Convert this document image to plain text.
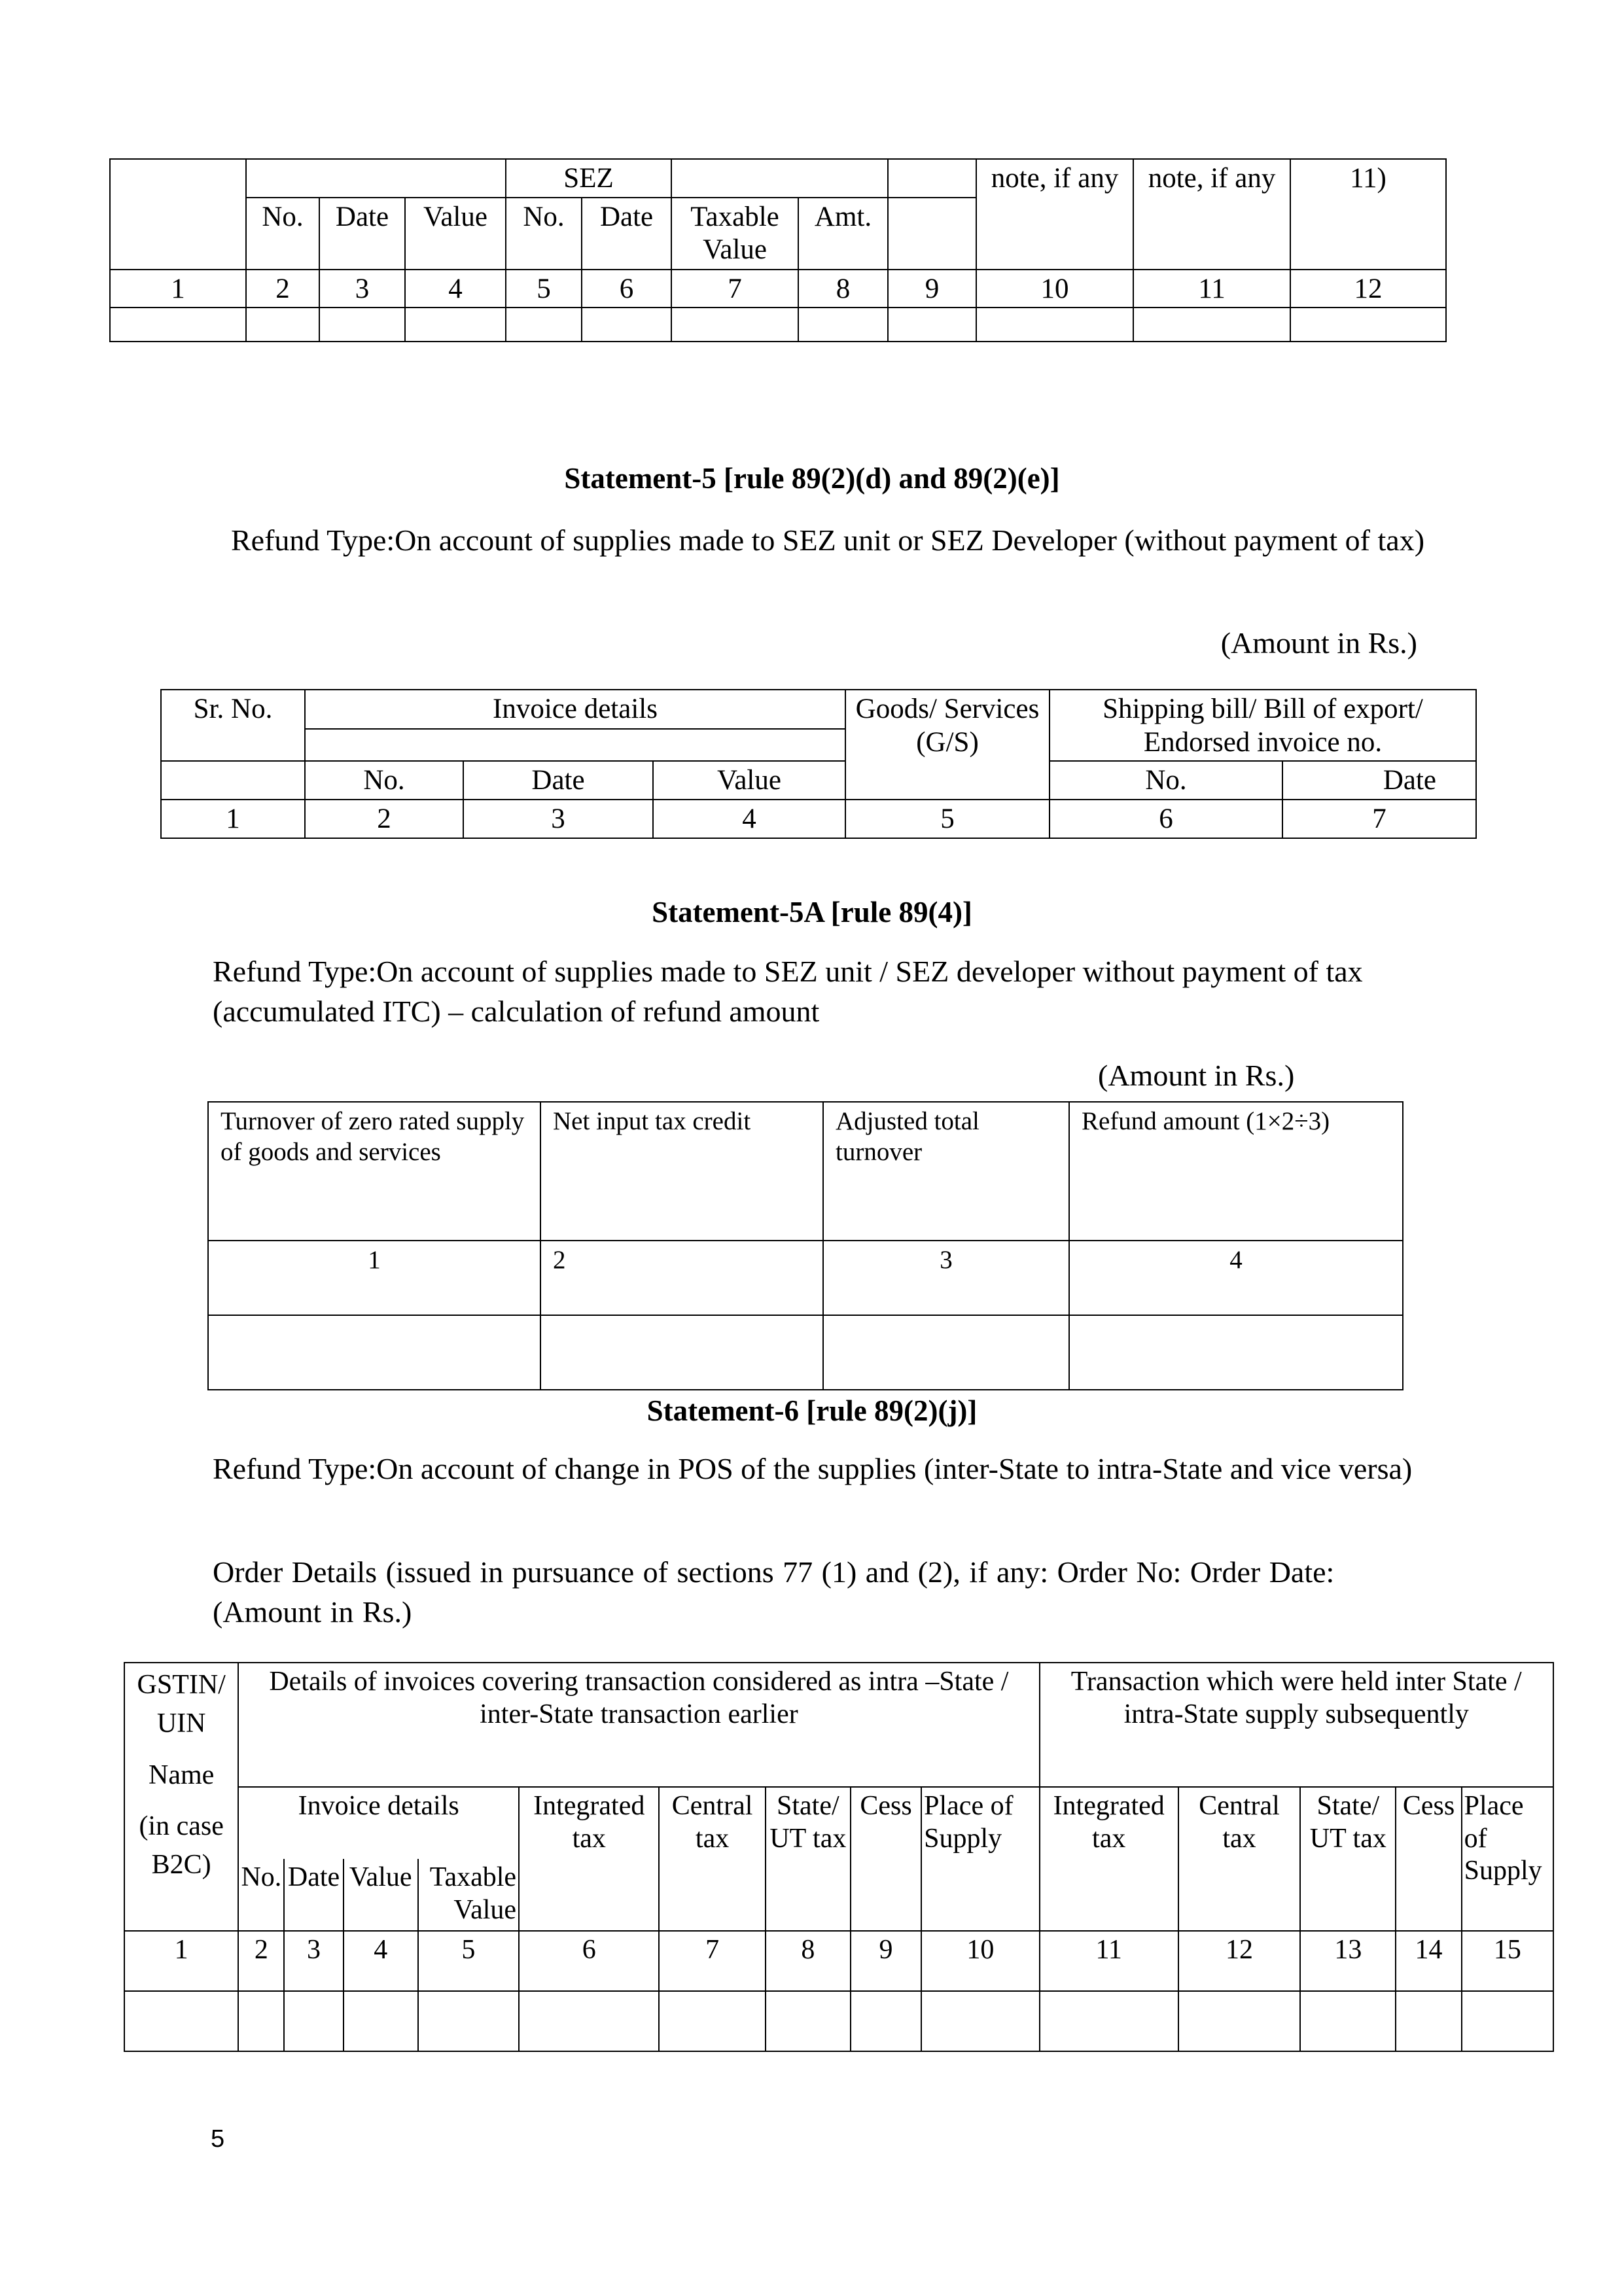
				SEZ					note, if any	note, if any	11)
	No.	Date	Value	No.	Date	Taxable Value	Amt.				
1	2	3	4	5	6	7	8	9	10	11	12

Statement-5 [rule 89(2)(d) and 89(2)(e)]

Refund Type:On account of supplies made to SEZ unit or SEZ Developer (without payment of tax)

(Amount in Rs.)

Sr. No.	Invoice details			Goods/ Services (G/S)	Shipping bill/ Bill of export/ Endorsed invoice no.	

	No.	Date	Value		No.	Date
1	2	3	4	5	6	7

Statement-5A [rule 89(4)]

Refund Type:On account of supplies made to SEZ unit / SEZ developer without payment of tax (accumulated ITC) – calculation of refund amount

(Amount in Rs.)

Turnover of zero rated supply of goods and services	Net input tax credit	Adjusted total turnover	Refund amount (1×2÷3)
1	2	3	4

Statement-6 [rule 89(2)(j)]

Refund Type:On account of change in POS of the supplies (inter-State to intra-State and vice versa)

Order Details (issued in pursuance of sections 77 (1) and (2), if any: Order No: Order Date:(Amount in Rs.)

GSTIN/ UIN
Name
(in case B2C)	Details of invoices covering transaction considered as intra –State / inter-State transaction earlier									Transaction which were held inter State / intra-State supply subsequently				
	Invoice details				Integrated tax	Central tax	State/ UT tax	Cess	Place of Supply	Integrated tax	Central tax	State/ UT tax	Cess	Place of Supply
	No.	Date	Value	Taxable Value										
1	2	3	4	5	6	7	8	9	10	11	12	13	14	15

5
